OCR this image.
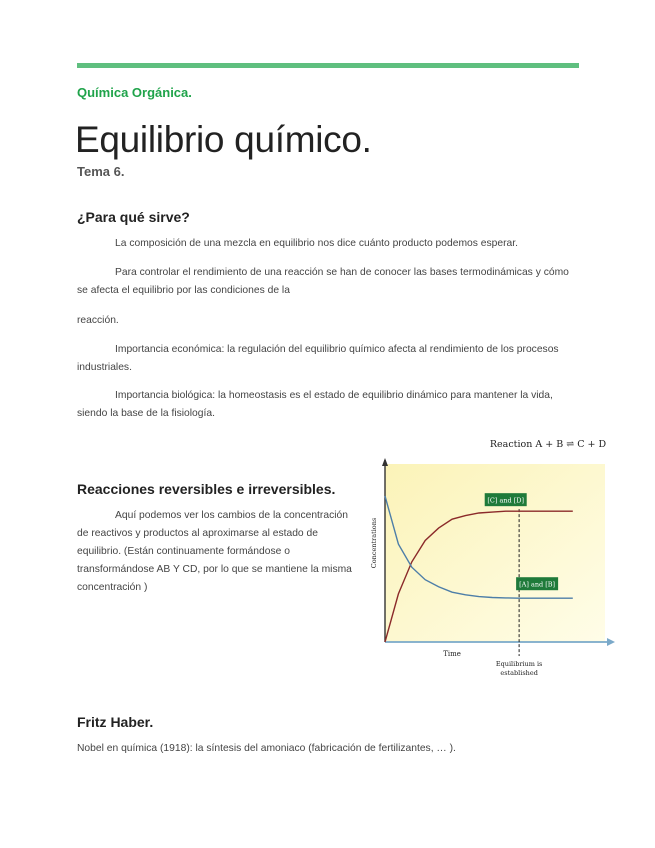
Química Orgánica.
Equilibrio químico.
Tema 6.
¿Para qué sirve?

La composición de una mezcla en equilibrio nos dice cuánto producto podemos esperar.

Para controlar el rendimiento de una reacción se han de conocer las bases termodinámicas y cómo se afecta el equilibrio por las condiciones de la

reacción.

Importancia económica: la regulación del equilibrio químico afecta al rendimiento de los procesos industriales.

Importancia biológica: la homeostasis es el estado de equilibrio dinámico para mantener la vida, siendo la base de la fisiología.

Reacciones reversibles e irreversibles.

Aquí podemos ver los cambios de la concentración de reactivos y productos al aproximarse al estado de equilibrio. (Están continuamente formándose o transformándose AB Y CD, por lo que se mantiene la misma concentración )

Reaction A + B ⇌ C + D
Concentrations
Time
Equilibrium is
established
[C] and [D]
[A] and [B]
Fritz Haber.

Nobel en química (1918): la síntesis del amoniaco (fabricación de fertilizantes, … ).
